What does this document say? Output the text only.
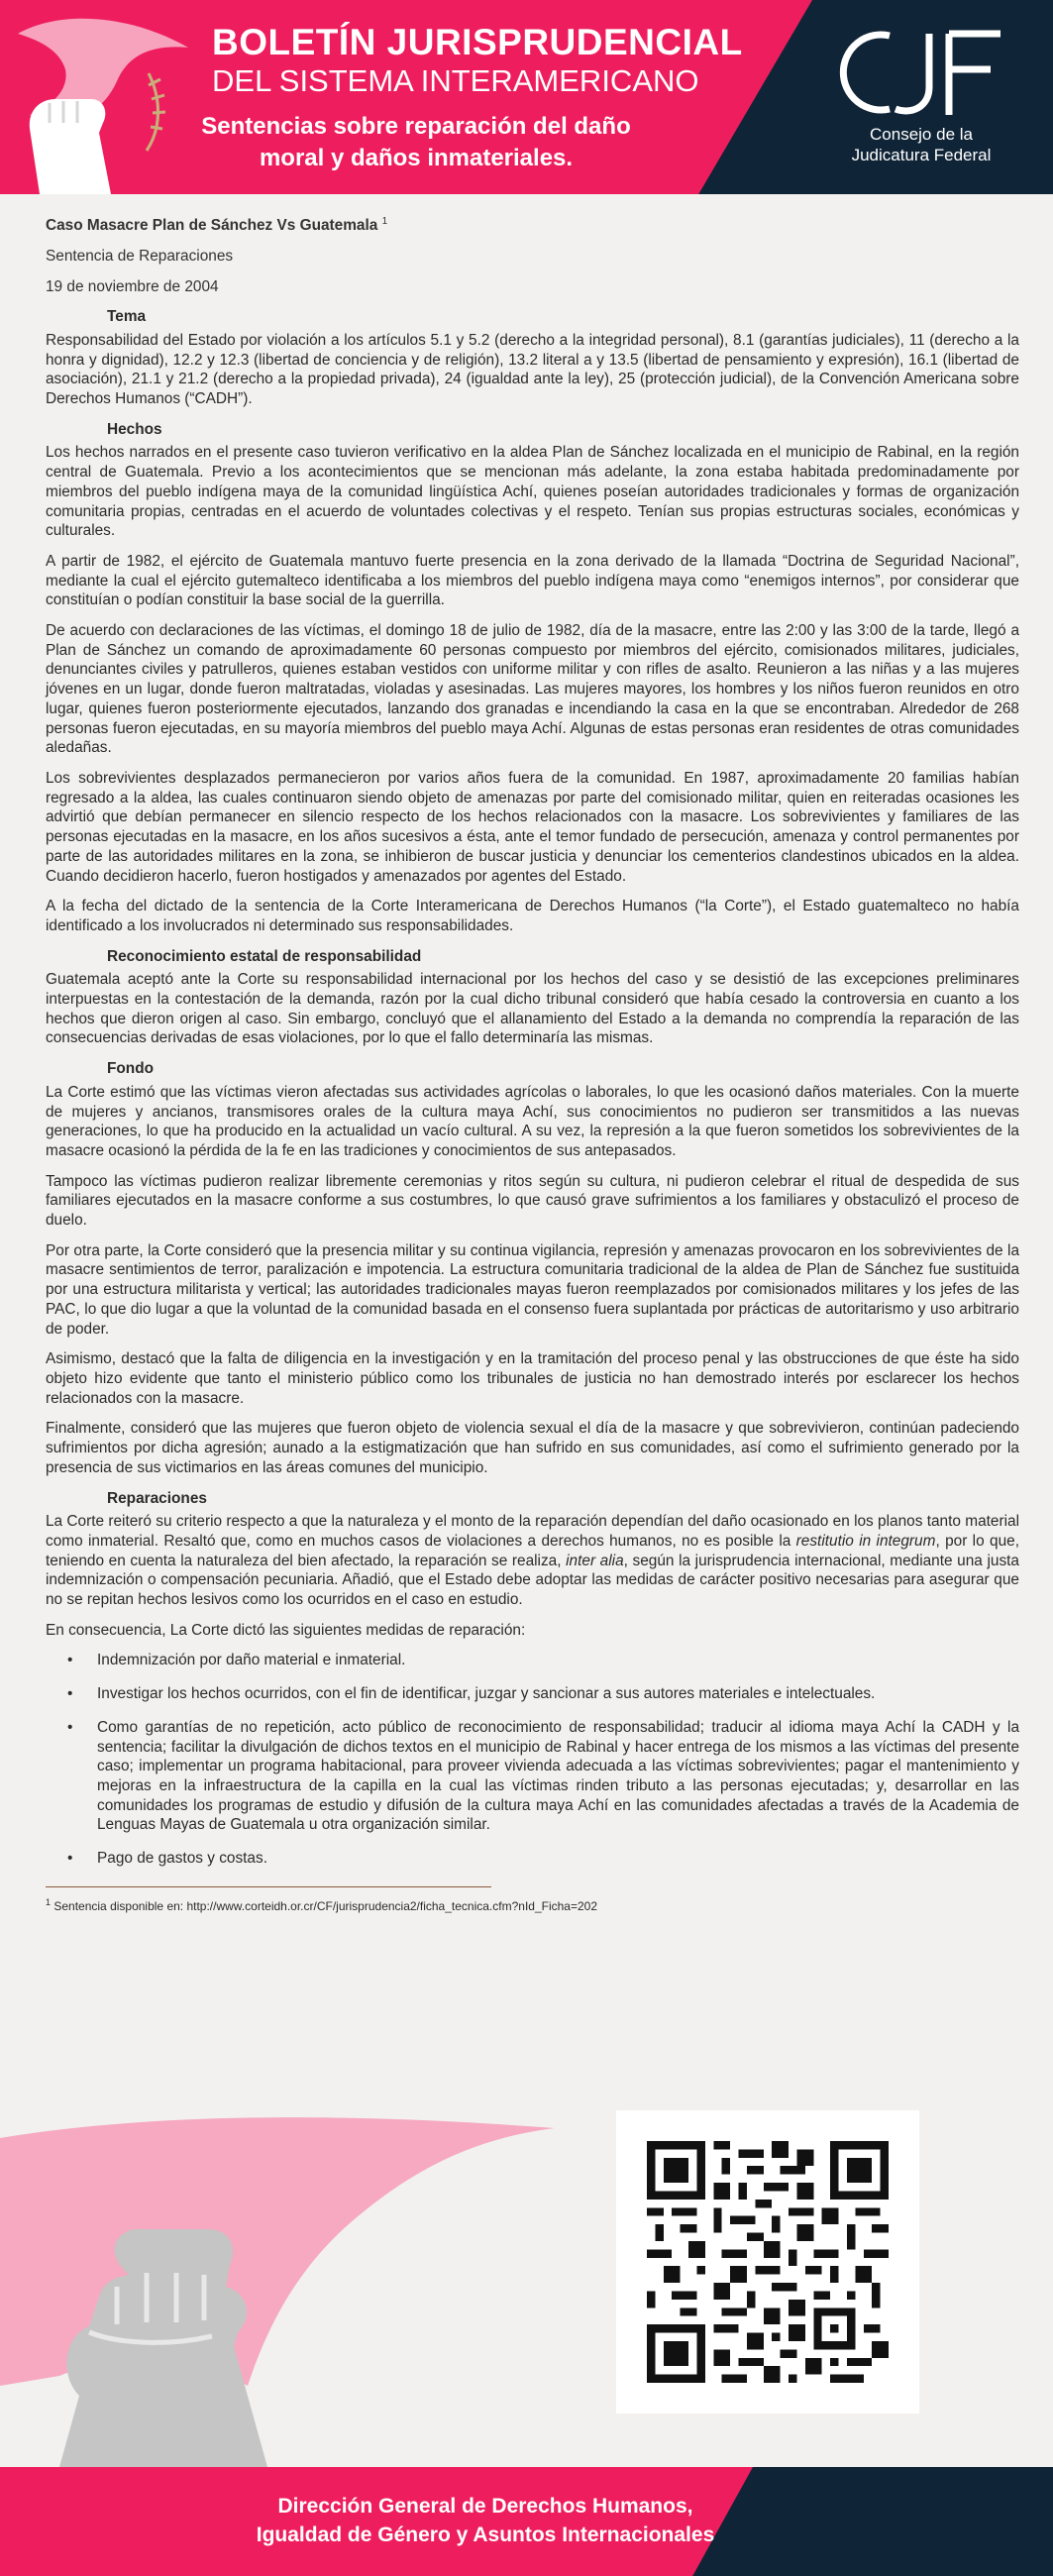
BOLETÍN JURISPRUDENCIAL
DEL SISTEMA INTERAMERICANO
Sentencias sobre reparación del daño
moral y daños inmateriales.
Consejo de la
Judicatura Federal

Caso Masacre Plan de Sánchez Vs Guatemala $^1$

Sentencia de Reparaciones

19 de noviembre de 2004

Tema

Responsabilidad del Estado por violación a los artículos 5.1 y 5.2 (derecho a la integridad personal), 8.1 (garantías judiciales), 11 (derecho a la honra y dignidad), 12.2 y 12.3 (libertad de conciencia y de religión), 13.2 literal a y 13.5 (libertad de pensamiento y expresión), 16.1 (libertad de asociación), 21.1 y 21.2 (derecho a la propiedad privada), 24 (igualdad ante la ley), 25 (protección judicial), de la Convención Americana sobre Derechos Humanos (“CADH”).

Hechos

Los hechos narrados en el presente caso tuvieron verificativo en la aldea Plan de Sánchez localizada en el municipio de Rabinal, en la región central de Guatemala. Previo a los acontecimientos que se mencionan más adelante, la zona estaba habitada predominadamente por miembros del pueblo indígena maya de la comunidad lingüística Achí, quienes poseían autoridades tradicionales y formas de organización comunitaria propias, centradas en el acuerdo de voluntades colectivas y el respeto. Tenían sus propias estructuras sociales, económicas y culturales.

A partir de 1982, el ejército de Guatemala mantuvo fuerte presencia en la zona derivado de la llamada “Doctrina de Seguridad Nacional”, mediante la cual el ejército gutemalteco identificaba a los miembros del pueblo indígena maya como “enemigos internos”, por considerar que constituían o podían constituir la base social de la guerrilla.

De acuerdo con declaraciones de las víctimas, el domingo 18 de julio de 1982, día de la masacre, entre las 2:00 y las 3:00 de la tarde, llegó a Plan de Sánchez un comando de aproximadamente 60 personas compuesto por miembros del ejército, comisionados militares, judiciales, denunciantes civiles y patrulleros, quienes estaban vestidos con uniforme militar y con rifles de asalto. Reunieron a las niñas y a las mujeres jóvenes en un lugar, donde fueron maltratadas, violadas y asesinadas. Las mujeres mayores, los hombres y los niños fueron reunidos en otro lugar, quienes fueron posteriormente ejecutados, lanzando dos granadas e incendiando la casa en la que se encontraban. Alrededor de 268 personas fueron ejecutadas, en su mayoría miembros del pueblo maya Achí. Algunas de estas personas eran residentes de otras comunidades aledañas.

Los sobrevivientes desplazados permanecieron por varios años fuera de la comunidad. En 1987, aproximadamente 20 familias habían regresado a la aldea, las cuales continuaron siendo objeto de amenazas por parte del comisionado militar, quien en reiteradas ocasiones les advirtió que debían permanecer en silencio respecto de los hechos relacionados con la masacre. Los sobrevivientes y familiares de las personas ejecutadas en la masacre, en los años sucesivos a ésta, ante el temor fundado de persecución, amenaza y control permanentes por parte de las autoridades militares en la zona, se inhibieron de buscar justicia y denunciar los cementerios clandestinos ubicados en la aldea. Cuando decidieron hacerlo, fueron hostigados y amenazados por agentes del Estado.

A la fecha del dictado de la sentencia de la Corte Interamericana de Derechos Humanos (“la Corte”), el Estado guatemalteco no había identificado a los involucrados ni determinado sus responsabilidades.

Reconocimiento estatal de responsabilidad

Guatemala aceptó ante la Corte su responsabilidad internacional por los hechos del caso y se desistió de las excepciones preliminares interpuestas en la contestación de la demanda, razón por la cual dicho tribunal consideró que había cesado la controversia en cuanto a los hechos que dieron origen al caso. Sin embargo, concluyó que el allanamiento del Estado a la demanda no comprendía la reparación de las consecuencias derivadas de esas violaciones, por lo que el fallo determinaría las mismas.

Fondo

La Corte estimó que las víctimas vieron afectadas sus actividades agrícolas o laborales, lo que les ocasionó daños materiales. Con la muerte de mujeres y ancianos, transmisores orales de la cultura maya Achí, sus conocimientos no pudieron ser transmitidos a las nuevas generaciones, lo que ha producido en la actualidad un vacío cultural. A su vez, la represión a la que fueron sometidos los sobrevivientes de la masacre ocasionó la pérdida de la fe en las tradiciones y conocimientos de sus antepasados.

Tampoco las víctimas pudieron realizar libremente ceremonias y ritos según su cultura, ni pudieron celebrar el ritual de despedida de sus familiares ejecutados en la masacre conforme a sus costumbres, lo que causó grave sufrimientos a los familiares y obstaculizó el proceso de duelo.

Por otra parte, la Corte consideró que la presencia militar y su continua vigilancia, represión y amenazas provocaron en los sobrevivientes de la masacre sentimientos de terror, paralización e impotencia. La estructura comunitaria tradicional de la aldea de Plan de Sánchez fue sustituida por una estructura militarista y vertical; las autoridades tradicionales mayas fueron reemplazados por comisionados militares y los jefes de las PAC, lo que dio lugar a que la voluntad de la comunidad basada en el consenso fuera suplantada por prácticas de autoritarismo y uso arbitrario de poder.

Asimismo, destacó que la falta de diligencia en la investigación y en la tramitación del proceso penal y las obstrucciones de que éste ha sido objeto hizo evidente que tanto el ministerio público como los tribunales de justicia no han demostrado interés por esclarecer los hechos relacionados con la masacre.

Finalmente, consideró que las mujeres que fueron objeto de violencia sexual el día de la masacre y que sobrevivieron, continúan padeciendo sufrimientos por dicha agresión; aunado a la estigmatización que han sufrido en sus comunidades, así como el sufrimiento generado por la presencia de sus victimarios en las áreas comunes del municipio.

Reparaciones

La Corte reiteró su criterio respecto a que la naturaleza y el monto de la reparación dependían del daño ocasionado en los planos tanto material como inmaterial. Resaltó que, como en muchos casos de violaciones a derechos humanos, no es posible la restitutio in integrum, por lo que, teniendo en cuenta la naturaleza del bien afectado, la reparación se realiza, inter alia, según la jurisprudencia internacional, mediante una justa indemnización o compensación pecuniaria. Añadió, que el Estado debe adoptar las medidas de carácter positivo necesarias para asegurar que no se repitan hechos lesivos como los ocurridos en el caso en estudio.

En consecuencia, La Corte dictó las siguientes medidas de reparación:

• Indemnización por daño material e inmaterial.
• Investigar los hechos ocurridos, con el fin de identificar, juzgar y sancionar a sus autores materiales e intelectuales.
• Como garantías de no repetición, acto público de reconocimiento de responsabilidad; traducir al idioma maya Achí la CADH y la sentencia; facilitar la divulgación de dichos textos en el municipio de Rabinal y hacer entrega de los mismos a las víctimas del presente caso; implementar un programa habitacional, para proveer vivienda adecuada a las víctimas sobrevivientes; pagar el mantenimiento y mejoras en la infraestructura de la capilla en la cual las víctimas rinden tributo a las personas ejecutadas; y, desarrollar en las comunidades los programas de estudio y difusión de la cultura maya Achí en las comunidades afectadas a través de la Academia de Lenguas Mayas de Guatemala u otra organización similar.
• Pago de gastos y costas.
$^1$ Sentencia disponible en: http://www.corteidh.or.cr/CF/jurisprudencia2/ficha_tecnica.cfm?nId_Ficha=202
Dirección General de Derechos Humanos,
Igualdad de Género y Asuntos Internacionales
